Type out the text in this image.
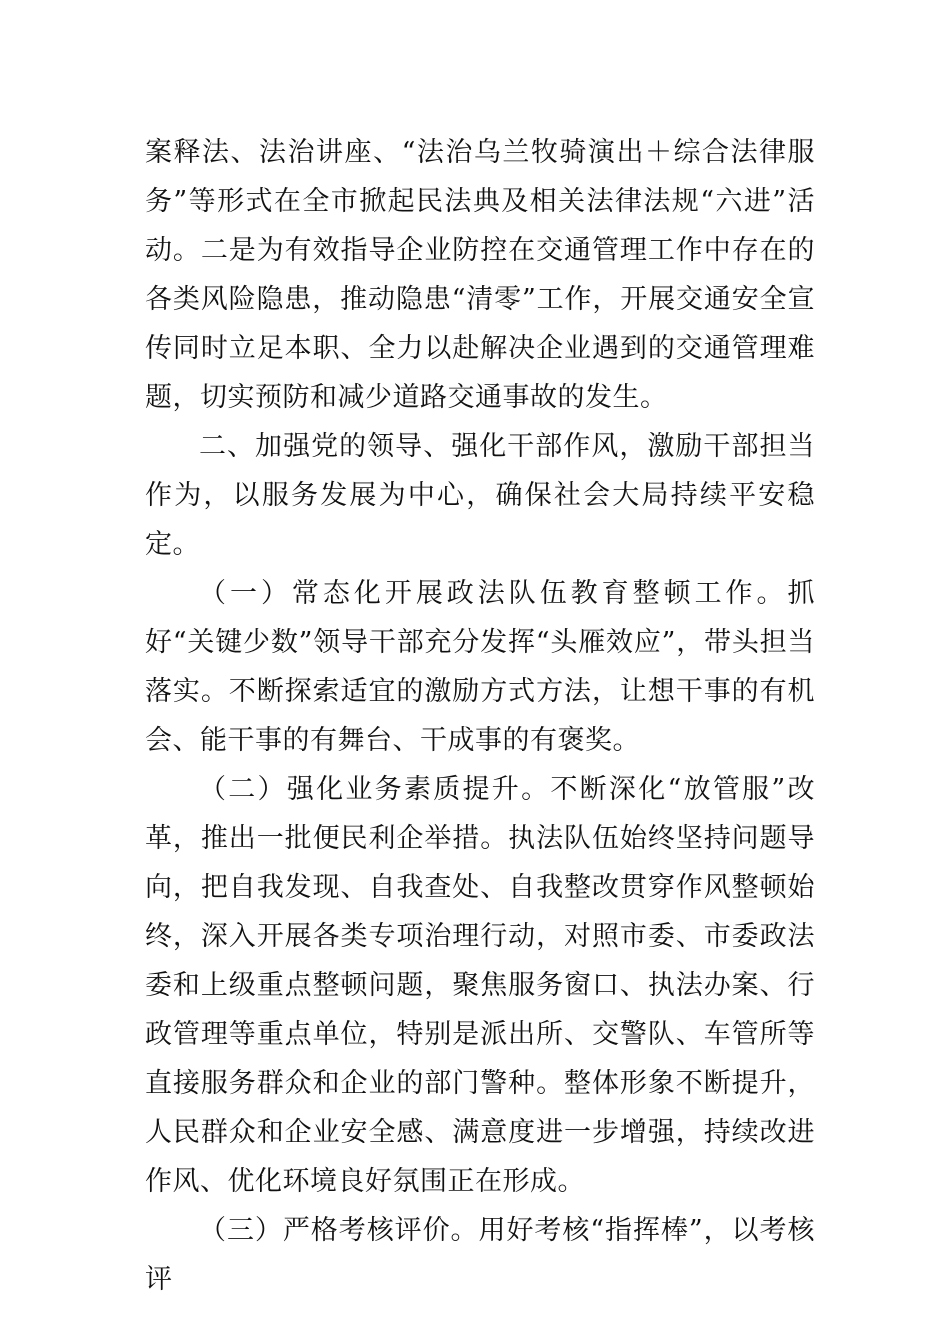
案释法、法治讲座、“法治乌兰牧骑演出＋综合法律服务”等形式在全市掀起民法典及相关法律法规“六进”活动。二是为有效指导企业防控在交通管理工作中存在的各类风险隐患，推动隐患“清零”工作，开展交通安全宣传同时立足本职、全力以赴解决企业遇到的交通管理难题，切实预防和减少道路交通事故的发生。

二、加强党的领导、强化干部作风，激励干部担当作为，以服务发展为中心，确保社会大局持续平安稳定。

（一）常态化开展政法队伍教育整顿工作。抓好“关键少数”领导干部充分发挥“头雁效应”，带头担当落实。不断探索适宜的激励方式方法，让想干事的有机会、能干事的有舞台、干成事的有褒奖。

（二）强化业务素质提升。不断深化“放管服”改革，推出一批便民利企举措。执法队伍始终坚持问题导向，把自我发现、自我查处、自我整改贯穿作风整顿始终，深入开展各类专项治理行动，对照市委、市委政法委和上级重点整顿问题，聚焦服务窗口、执法办案、行政管理等重点单位，特别是派出所、交警队、车管所等直接服务群众和企业的部门警种。整体形象不断提升，人民群众和企业安全感、满意度进一步增强，持续改进作风、优化环境良好氛围正在形成。

（三）严格考核评价。用好考核“指挥棒”，以考核评
